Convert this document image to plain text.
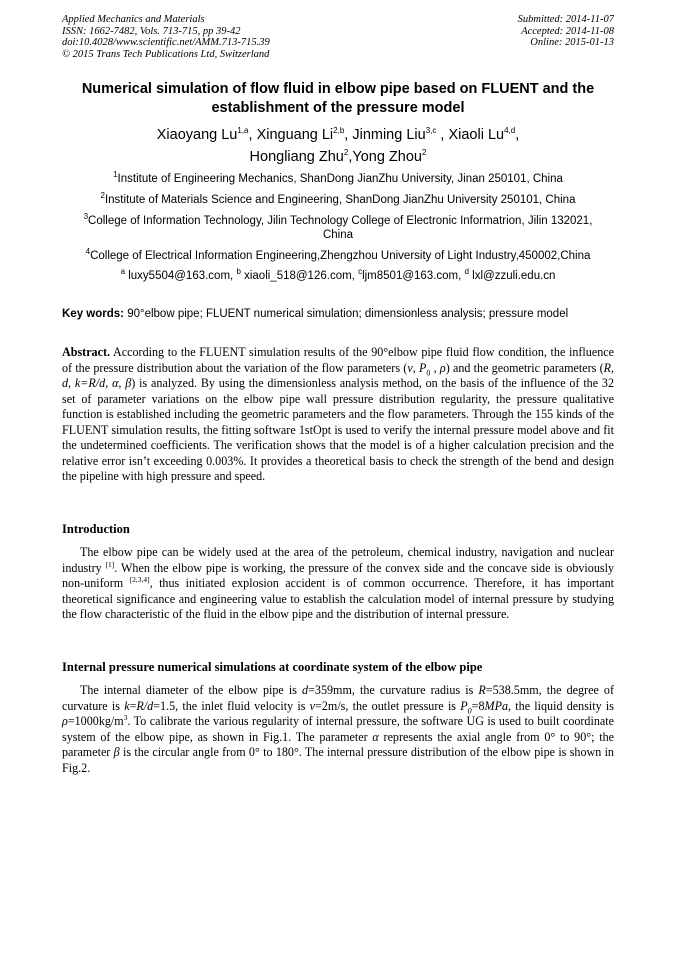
Applied Mechanics and Materials
ISSN: 1662-7482, Vols. 713-715, pp 39-42
doi:10.4028/www.scientific.net/AMM.713-715.39
© 2015 Trans Tech Publications Ltd, Switzerland
Submitted: 2014-11-07
Accepted: 2014-11-08
Online: 2015-01-13
Numerical simulation of flow fluid in elbow pipe based on FLUENT and the establishment of the pressure model
Xiaoyang Lu$^{1,a}$, Xinguang Li$^{2,b}$, Jinming Liu$^{3,c}$ , Xiaoli Lu$^{4,d}$,
Hongliang Zhu$^2$,Yong Zhou$^2$
$^1$Institute of Engineering Mechanics, ShanDong JianZhu University, Jinan 250101, China
$^2$Institute of Materials Science and Engineering, ShanDong JianZhu University 250101, China
$^3$College of Information Technology, Jilin Technology College of Electronic Informatrion, Jilin 132021, China
$^4$College of Electrical Information Engineering,Zhengzhou University of Light Industry,450002,China
$^a$ luxy5504@163.com, $^b$ xiaoli_518@126.com, $^c$ljm8501@163.com, $^d$ lxl@zzuli.edu.cn
Key words: 90°elbow pipe; FLUENT numerical simulation; dimensionless analysis; pressure model
Abstract. According to the FLUENT simulation results of the 90°elbow pipe fluid flow condition, the influence of the pressure distribution about the variation of the flow parameters (v, $P_0$ , ρ) and the geometric parameters (R, d, k=R/d, α, β) is analyzed. By using the dimensionless analysis method, on the basis of the influence of the 32 set of parameter variations on the elbow pipe wall pressure distribution regularity, the pressure qualitative function is established including the geometric parameters and the flow parameters. Through the 155 kinds of the FLUENT simulation results, the fitting software 1stOpt is used to verify the internal pressure model above and fit the undetermined coefficients. The verification shows that the model is of a higher calculation precision and the relative error isn’t exceeding 0.003%. It provides a theoretical basis to check the strength of the bend and design the pipeline with high pressure and speed.
Introduction
The elbow pipe can be widely used at the area of the petroleum, chemical industry, navigation and nuclear industry [1]. When the elbow pipe is working, the pressure of the convex side and the concave side is obviously non-uniform [2,3,4], thus initiated explosion accident is of common occurrence. Therefore, it has important theoretical significance and engineering value to establish the calculation model of internal pressure by studying the flow characteristic of the fluid in the elbow pipe and the distribution of internal pressure.
Internal pressure numerical simulations at coordinate system of the elbow pipe
The internal diameter of the elbow pipe is d=359mm, the curvature radius is R=538.5mm, the degree of curvature is k=R/d=1.5, the inlet fluid velocity is v=2m/s, the outlet pressure is $P_0=8MPa$, the liquid density is $\rho=1000kg/m^3$. To calibrate the various regularity of internal pressure, the software UG is used to built coordinate system of the elbow pipe, as shown in Fig.1. The parameter α represents the axial angle from 0° to 90°; the parameter β is the circular angle from 0° to 180°. The internal pressure distribution of the elbow pipe is shown in Fig.2.
